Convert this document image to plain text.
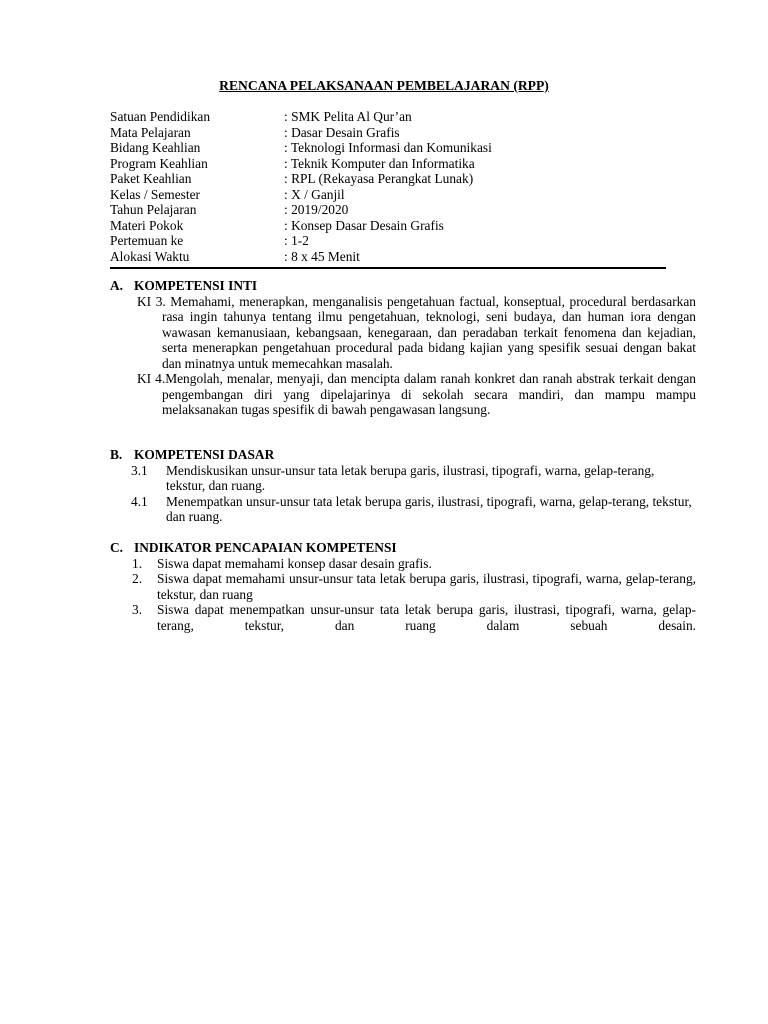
RENCANA PELAKSANAAN PEMBELAJARAN (RPP)
Satuan Pendidikan	: SMK Pelita Al Qur’an
Mata Pelajaran	: Dasar Desain Grafis
Bidang Keahlian	: Teknologi Informasi dan Komunikasi
Program Keahlian	: Teknik Komputer dan Informatika
Paket Keahlian	: RPL (Rekayasa Perangkat Lunak)
Kelas / Semester	: X / Ganjil
Tahun Pelajaran	: 2019/2020
Materi Pokok	: Konsep Dasar Desain Grafis
Pertemuan ke	: 1-2
Alokasi Waktu	: 8 x 45 Menit
A. KOMPETENSI INTI

KI 3. Memahami, menerapkan, menganalisis pengetahuan factual, konseptual, procedural berdasarkan rasa ingin tahunya tentang ilmu pengetahuan, teknologi, seni budaya, dan human iora dengan wawasan kemanusiaan, kebangsaan, kenegaraan, dan peradaban terkait fenomena dan kejadian, serta menerapkan pengetahuan procedural pada bidang kajian yang spesifik sesuai dengan bakat dan minatnya untuk memecahkan masalah.

KI 4.Mengolah, menalar, menyaji, dan mencipta dalam ranah konkret dan ranah abstrak terkait dengan pengembangan diri yang dipelajarinya di sekolah secara mandiri, dan mampu mampu melaksanakan tugas spesifik di bawah pengawasan langsung.

B. KOMPETENSI DASAR
3.1	Mendiskusikan unsur-unsur tata letak berupa garis, ilustrasi, tipografi, warna, gelap-terang, tekstur, dan ruang.
4.1	Menempatkan unsur-unsur tata letak berupa garis, ilustrasi, tipografi, warna, gelap-terang, tekstur, dan ruang.
C. INDIKATOR PENCAPAIAN KOMPETENSI
1.	Siswa dapat memahami konsep dasar desain grafis.
2.	Siswa dapat memahami unsur-unsur tata letak berupa garis, ilustrasi, tipografi, warna, gelap-terang, tekstur, dan ruang
3.	Siswa dapat menempatkan unsur-unsur tata letak berupa garis, ilustrasi, tipografi, warna, gelap-terang, tekstur, dan ruang dalam sebuah desain.
